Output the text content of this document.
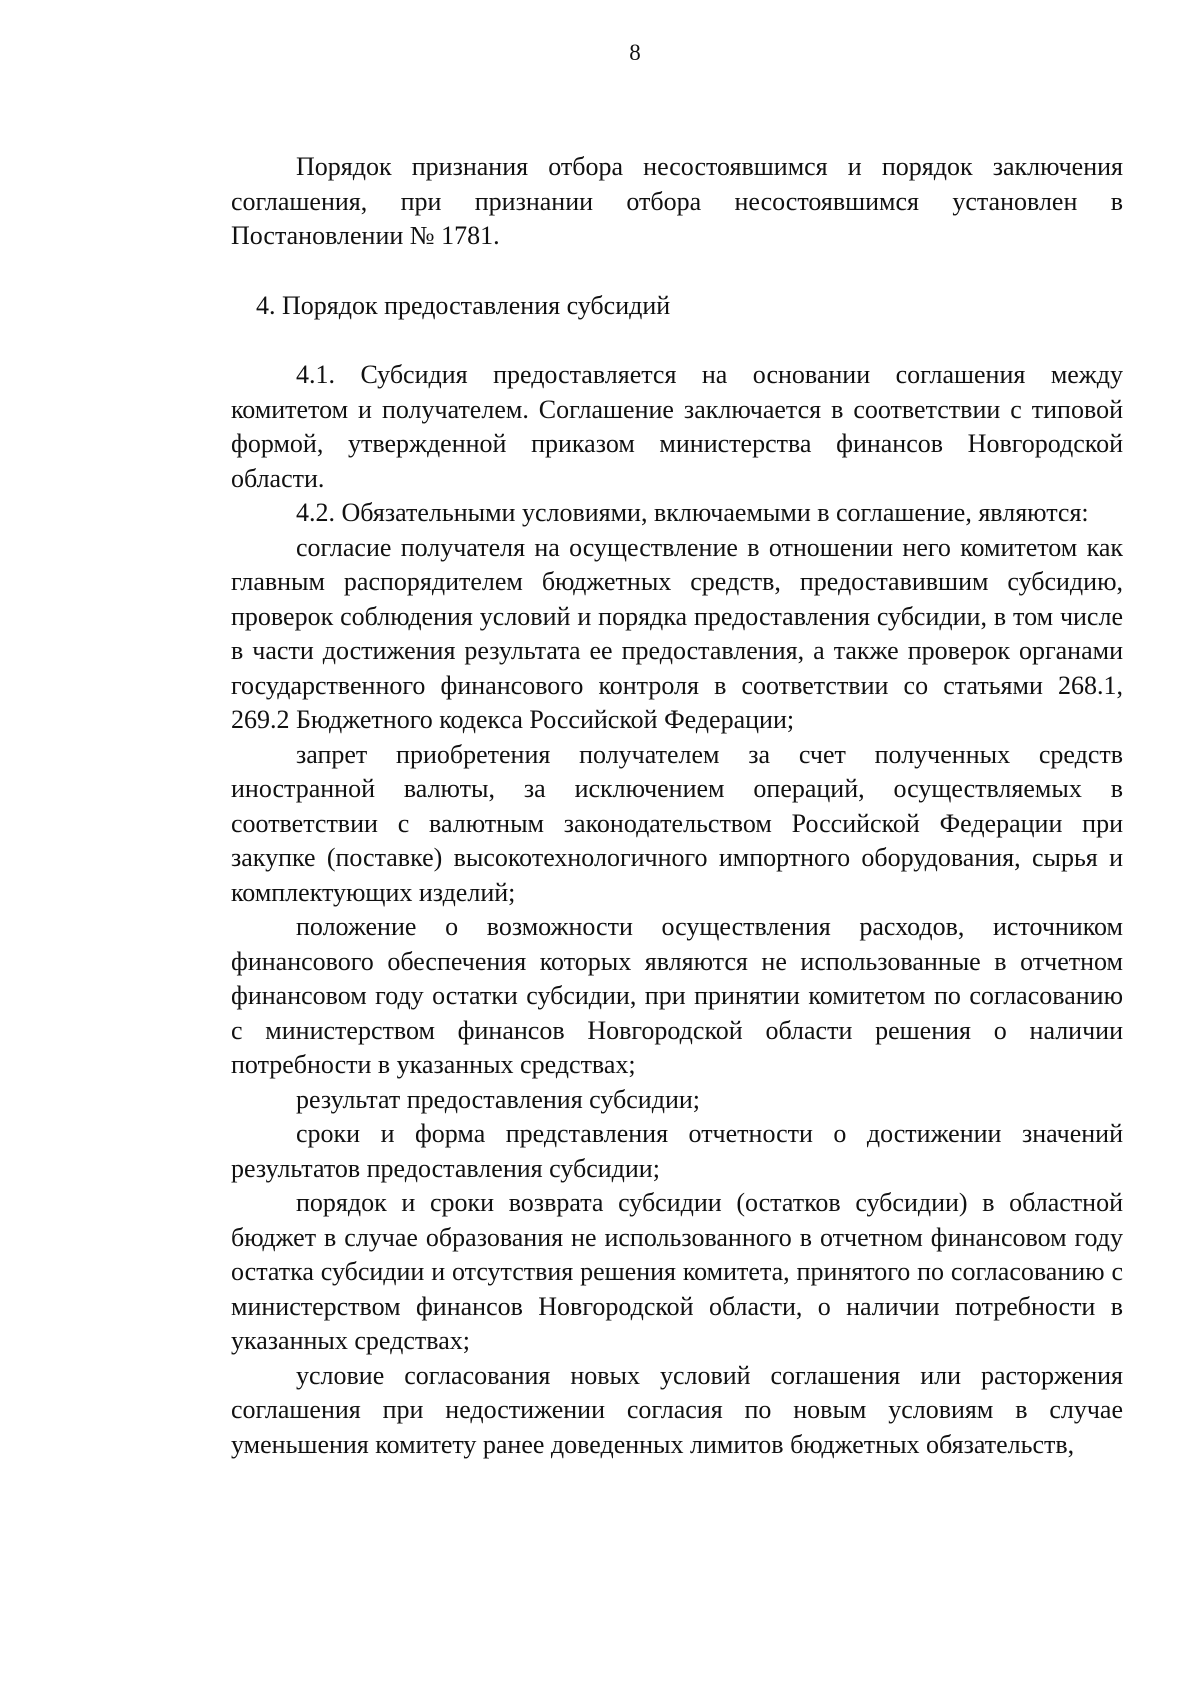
8

Порядок признания отбора несостоявшимся и порядок заключения соглашения, при признании отбора несостоявшимся установлен в Постановлении № 1781.

4. Порядок предоставления субсидий

4.1. Субсидия предоставляется на основании соглашения между комитетом и получателем. Соглашение заключается в соответствии с типовой формой, утвержденной приказом министерства финансов Новгородской области.

4.2. Обязательными условиями, включаемыми в соглашение, являются:

согласие получателя на осуществление в отношении него комитетом как главным распорядителем бюджетных средств, предоставившим субсидию, проверок соблюдения условий и порядка предоставления субсидии, в том числе в части достижения результата ее предоставления, а также проверок органами государственного финансового контроля в соответствии со статьями 268.1, 269.2 Бюджетного кодекса Российской Федерации;

запрет приобретения получателем за счет полученных средств иностранной валюты, за исключением операций, осуществляемых в соответствии с валютным законодательством Российской Федерации при закупке (поставке) высокотехнологичного импортного оборудования, сырья и комплектующих изделий;

положение о возможности осуществления расходов, источником финансового обеспечения которых являются не использованные в отчетном финансовом году остатки субсидии, при принятии комитетом по согласованию с министерством финансов Новгородской области решения о наличии потребности в указанных средствах;

результат предоставления субсидии;

сроки и форма представления отчетности о достижении значений результатов предоставления субсидии;

порядок и сроки возврата субсидии (остатков субсидии) в областной бюджет в случае образования не использованного в отчетном финансовом году остатка субсидии и отсутствия решения комитета, принятого по согласованию с министерством финансов Новгородской области, о наличии потребности в указанных средствах;

условие согласования новых условий соглашения или расторжения соглашения при недостижении согласия по новым условиям в случае уменьшения комитету ранее доведенных лимитов бюджетных обязательств,
